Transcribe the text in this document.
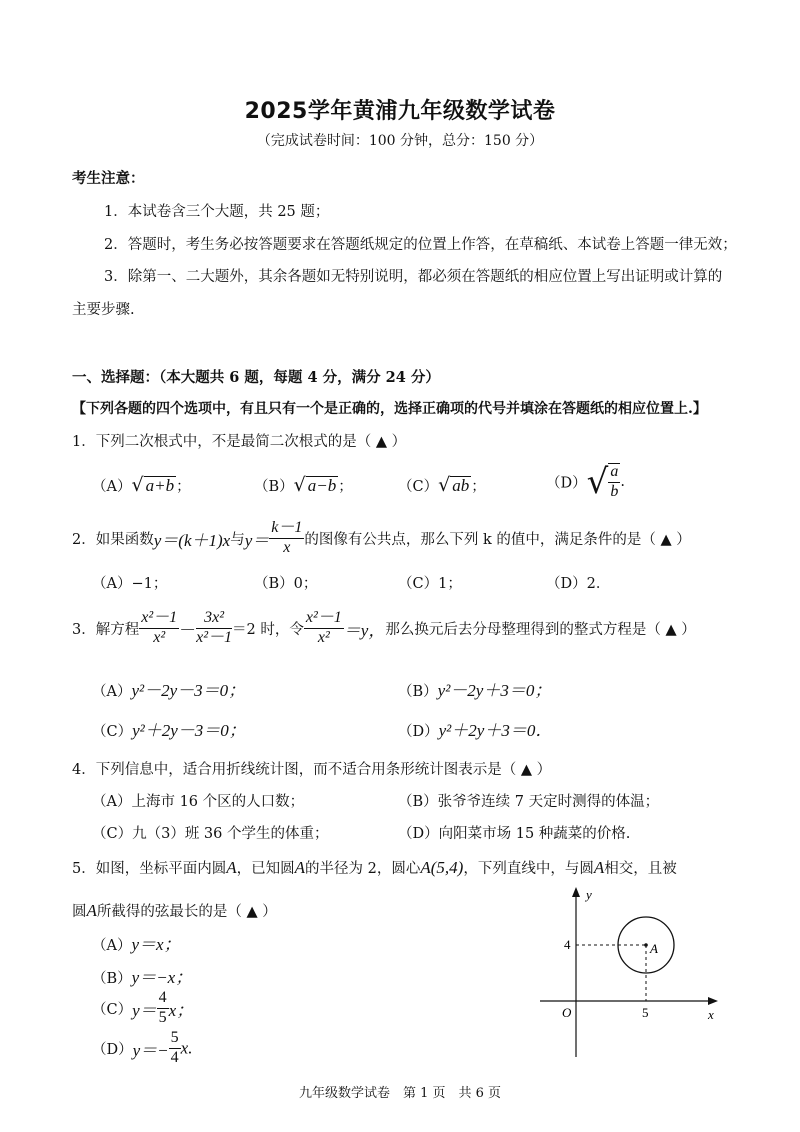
2025学年黄浦九年级数学试卷
（完成试卷时间：100 分钟，总分：150 分）
考生注意：
1．本试卷含三个大题，共 25 题；
2．答题时，考生务必按答题要求在答题纸规定的位置上作答，在草稿纸、本试卷上答题一律无效；
3．除第一、二大题外，其余各题如无特别说明，都必须在答题纸的相应位置上写出证明或计算的
主要步骤.
一、选择题：（本大题共 6 题，每题 4 分，满分 24 分）
【下列各题的四个选项中，有且只有一个是正确的，选择正确项的代号并填涂在答题纸的相应位置上.】
1．下列二次根式中，不是最简二次根式的是（ ▲ ）
（A）√ a+b ；	（B）√ a−b ；	（C）√ ab ；	$(D)√ \frac{a}{b}$ .
2．如果函数y＝(k＋1)x与$y= \frac{k-1}{x}$ 的图像有公共点，那么下列 k 的值中，满足条件的是（ ▲ ）
（A）−1；	（B）0；	（C）1；	（D）2．
3．解方程 $\frac{\text{x²－1}}{\text{x²}} - \frac{\text{3x²}}{\text{x²－1}} =2$ 时，令 $\frac{\text{x²－1}}{\text{x²}} =y$，那么换元后去分母整理得到的整式方程是（ ▲ ）
（A）y²－2y－3＝0；	（B）y²－2y＋3＝0；
（C）y²＋2y－3＝0；	（D）y²＋2y＋3＝0．
4．下列信息中，适合用折线统计图，而不适合用条形统计图表示是（ ▲ ）
（A）上海市 16 个区的人口数；	（B）张爷爷连续 7 天定时测得的体温；
（C）九（3）班 36 个学生的体重；	（D）向阳菜市场 15 种蔬菜的价格.
5．如图，坐标平面内圆A，已知圆A的半径为 2，圆心A(5,4)，下列直线中，与圆A相交，且被
圆A所截得的弦最长的是（ ▲ ）
（A）y＝x；
（B）y＝−x；
$(C)y= \frac{4}{5}$ x；
$(D)y=- \frac{5}{4} x$.
y
x
O
A
5
4
九年级数学试卷　第 1 页　共 6 页
